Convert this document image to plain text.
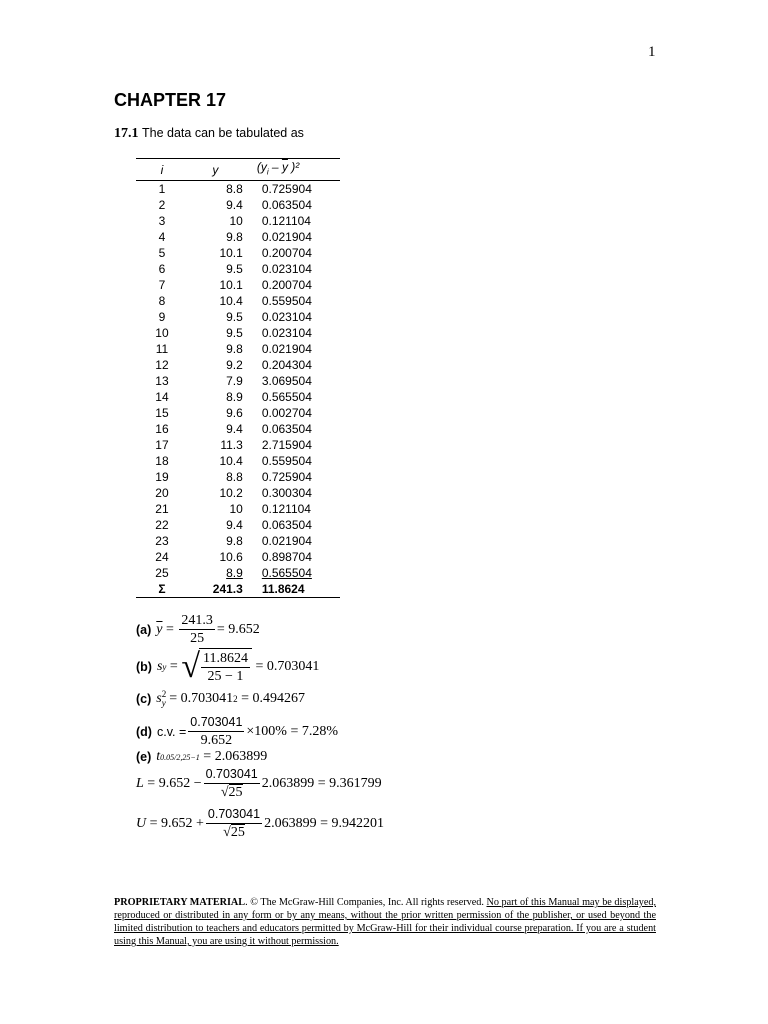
1
CHAPTER 17
17.1 The data can be tabulated as
i	y	($y_i - \overline{y}$ )²
1	8.8	0.725904
2	9.4	0.063504
3	10	0.121104
4	9.8	0.021904
5	10.1	0.200704
6	9.5	0.023104
7	10.1	0.200704
8	10.4	0.559504
9	9.5	0.023104
10	9.5	0.023104
11	9.8	0.021904
12	9.2	0.204304
13	7.9	3.069504
14	8.9	0.565504
15	9.6	0.002704
16	9.4	0.063504
17	11.3	2.715904
18	10.4	0.559504
19	8.8	0.725904
20	10.2	0.300304
21	10	0.121104
22	9.4	0.063504
23	9.8	0.021904
24	10.6	0.898704
25	8.9	0.565504
Σ	241.3	11.8624
(a) $\overline{y} = \frac{241.3}{25} = 9.652$
(b) s y = √ $\frac{11.8624}{25 - 1}$
= 0.703041
(c) s 2
y = 0.703041 2
= 0.494267
(d) c.v. = $\frac{0.703041}{9.652} \times 100\% = 7.28\%$
(e) t 0.05/2,25−1
= 2.063899
L
= $9.652 - \frac{0.703041}{√25} 2.063899 = 9.361799$
U
= $9.652 + \frac{0.703041}{√25} 2.063899 = 9.942201$
PROPRIETARY MATERIAL. © The McGraw-Hill Companies, Inc. All rights reserved. No part of this Manual may be displayed, reproduced or distributed in any form or by any means, without the prior written permission of the publisher, or used beyond the limited distribution to teachers and educators permitted by McGraw-Hill for their individual course preparation. If you are a student using this Manual, you are using it without permission.
